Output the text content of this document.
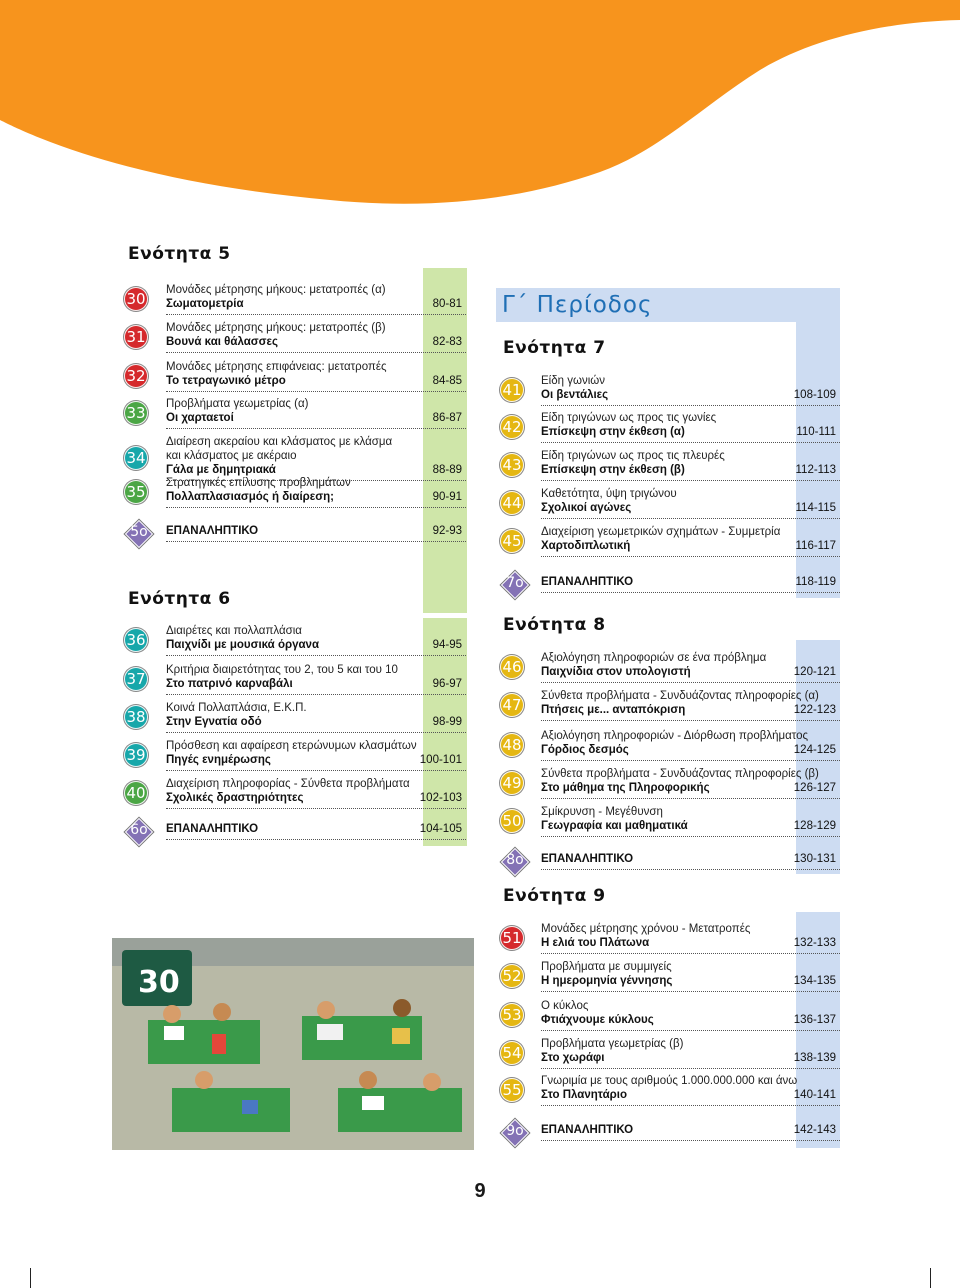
Γ΄ Περίοδος
Ενότητα 5
Ενότητα 6
Ενότητα 7
Ενότητα 8
Ενότητα 9
30 Μονάδες μέτρησης μήκους: μετατροπές (α)
Σωματομετρία	80-81
31 Μονάδες μέτρησης μήκους: μετατροπές (β)
Βουνά και θάλασσες	82-83
32 Μονάδες μέτρησης επιφάνειας: μετατροπές
Το τετραγωνικό μέτρο	84-85
33 Προβλήματα γεωμετρίας (α)
Οι χαρταετοί	86-87
34
Διαίρεση ακεραίου και κλάσματος με κλάσμα
και κλάσματος με ακέραιο
Γάλα με δημητριακά	88-89
35 Στρατηγικές επίλυσης προβλημάτων
Πολλαπλασιασμός ή διαίρεση;	90-91
5ο	ΕΠΑΝΑΛΗΠΤΙΚΟ	92-93
36 Διαιρέτες και πολλαπλάσια
Παιχνίδι με μουσικά όργανα	94-95
37 Κριτήρια διαιρετότητας του 2, του 5 και του 10
Στο πατρινό καρναβάλι	96-97
38 Κοινά Πολλαπλάσια, Ε.Κ.Π.
Στην Εγνατία οδό	98-99
39 Πρόσθεση και αφαίρεση ετερώνυμων κλασμάτων
Πηγές ενημέρωσης	100-101
40 Διαχείριση πληροφορίας - Σύνθετα προβλήματα
Σχολικές δραστηριότητες	102-103
6ο	ΕΠΑΝΑΛΗΠΤΙΚΟ	104-105
41 Είδη γωνιών
Οι βεντάλιες	108-109
42 Είδη τριγώνων ως προς τις γωνίες
Επίσκεψη στην έκθεση (α)	110-111
43 Είδη τριγώνων ως προς τις πλευρές
Επίσκεψη στην έκθεση (β)	112-113
44 Καθετότητα, ύψη τριγώνου
Σχολικοί αγώνες	114-115
45 Διαχείριση γεωμετρικών σχημάτων - Συμμετρία
Χαρτοδιπλωτική	116-117
7ο	ΕΠΑΝΑΛΗΠΤΙΚΟ	118-119
46 Αξιολόγηση πληροφοριών σε ένα πρόβλημα
Παιχνίδια στον υπολογιστή	120-121
47 Σύνθετα προβλήματα - Συνδυάζοντας πληροφορίες (α)
Πτήσεις με... ανταπόκριση	122-123
48 Αξιολόγηση πληροφοριών - Διόρθωση προβλήματος
Γόρδιος δεσμός	124-125
49 Σύνθετα προβλήματα - Συνδυάζοντας πληροφορίες (β)
Στο μάθημα της Πληροφορικής	126-127
50 Σμίκρυνση - Μεγέθυνση
Γεωγραφία και μαθηματικά	128-129
8ο	ΕΠΑΝΑΛΗΠΤΙΚΟ	130-131
51 Μονάδες μέτρησης χρόνου - Μετατροπές
Η ελιά του Πλάτωνα	132-133
52 Προβλήματα με συμμιγείς
Η ημερομηνία γέννησης	134-135
53 Ο κύκλος
Φτιάχνουμε κύκλους	136-137
54 Προβλήματα γεωμετρίας (β)
Στο χωράφι	138-139
55 Γνωριμία με τους αριθμούς 1.000.000.000 και άνω
Στο Πλανητάριο	140-141
9ο	ΕΠΑΝΑΛΗΠΤΙΚΟ	142-143
30
9
